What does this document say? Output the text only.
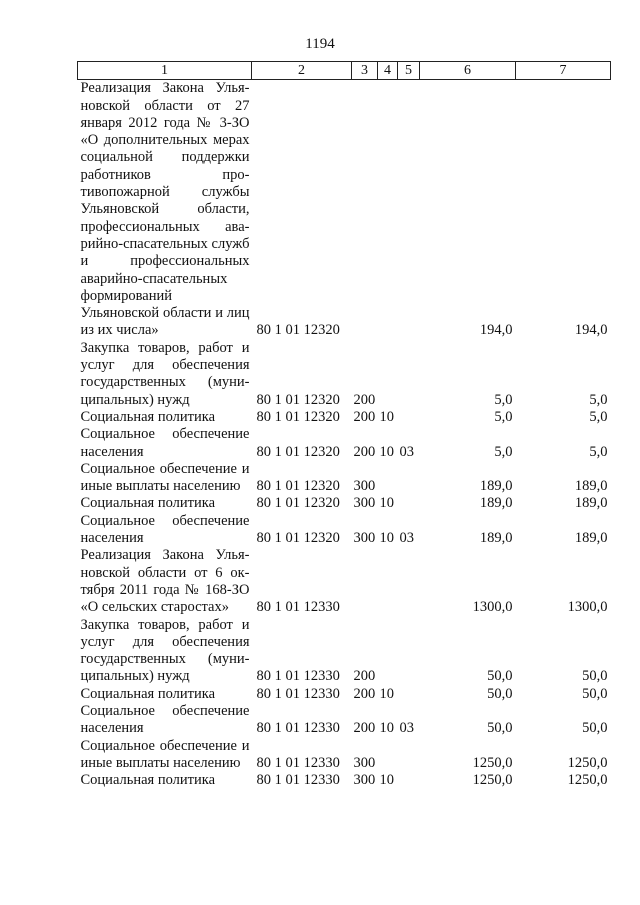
1194
1	2	3	4	5	6	7
Реализация Закона Ульяновской области от 27 января 2012 года № 3-ЗО «О дополнительных мерах социальной поддержки работников противопожарной службы Ульяновской области, профессиональных аварийно-спасательных служб и профессиональных аварийно-спасательных формирований Ульяновской области и лиц из их числа»	80 1 01 12320				194,0	194,0
Закупка товаров, работ и услуг для обеспечения государственных (муниципальных) нужд	80 1 01 12320	200			5,0	5,0
Социальная политика	80 1 01 12320	200	10		5,0	5,0
Социальное обеспечение населения	80 1 01 12320	200	10	03	5,0	5,0
Социальное обеспечение и иные выплаты населению	80 1 01 12320	300			189,0	189,0
Социальная политика	80 1 01 12320	300	10		189,0	189,0
Социальное обеспечение населения	80 1 01 12320	300	10	03	189,0	189,0
Реализация Закона Ульяновской области от 6 октября 2011 года № 168-ЗО «О сельских старостах»	80 1 01 12330				1300,0	1300,0
Закупка товаров, работ и услуг для обеспечения государственных (муниципальных) нужд	80 1 01 12330	200			50,0	50,0
Социальная политика	80 1 01 12330	200	10		50,0	50,0
Социальное обеспечение населения	80 1 01 12330	200	10	03	50,0	50,0
Социальное обеспечение и иные выплаты населению	80 1 01 12330	300			1250,0	1250,0
Социальная политика	80 1 01 12330	300	10		1250,0	1250,0
